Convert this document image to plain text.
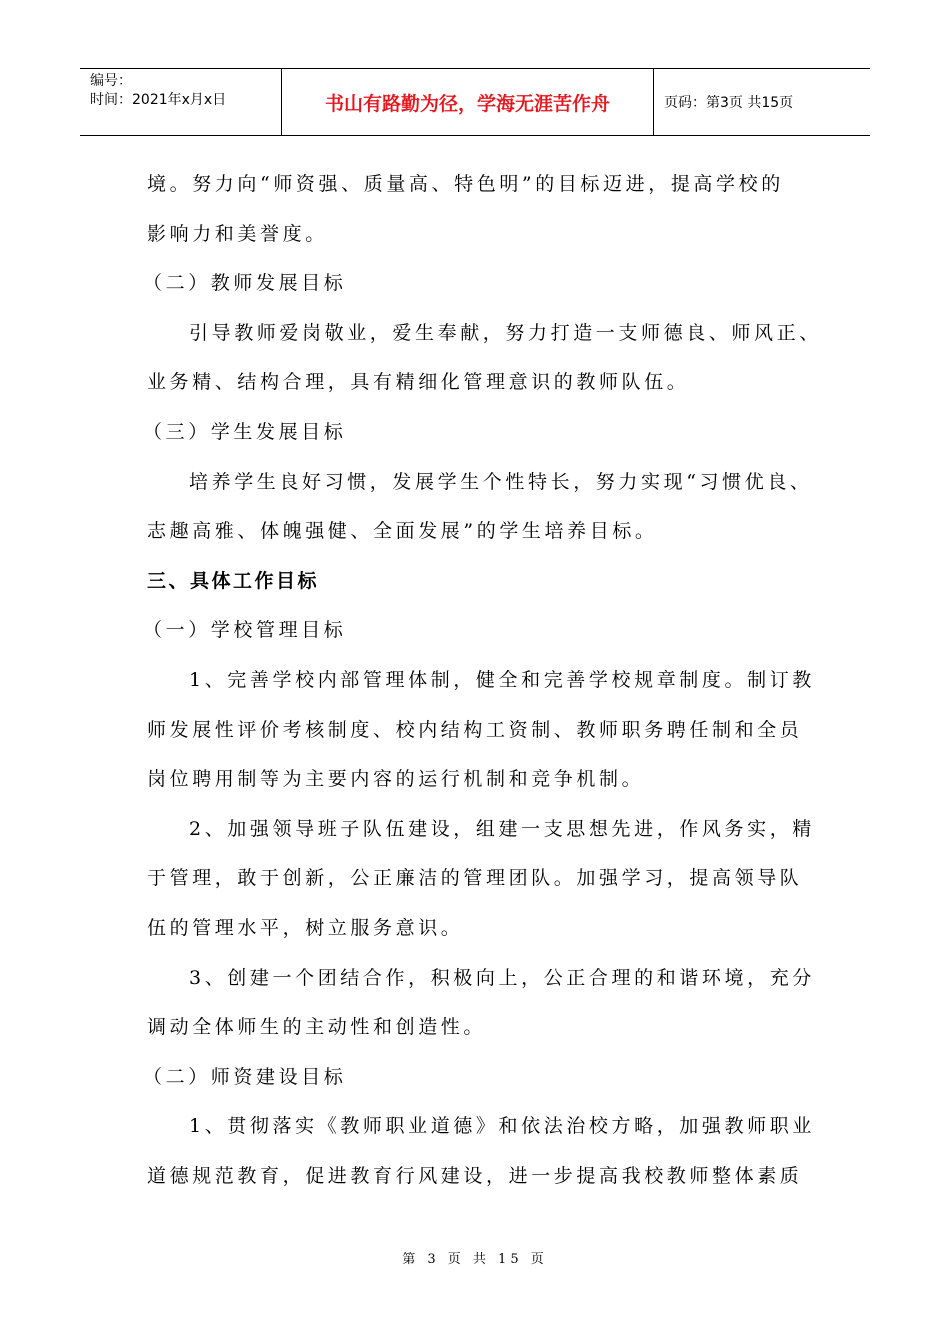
编号：
时间：2021年x月x日	书山有路勤为径，学海无涯苦作舟	页码：第3页 共15页

境。努力向“师资强、质量高、特色明”的目标迈进，提高学校的

影响力和美誉度。

（二）教师发展目标

引导教师爱岗敬业，爱生奉献，努力打造一支师德良、师风正、

业务精、结构合理，具有精细化管理意识的教师队伍。

（三）学生发展目标

培养学生良好习惯，发展学生个性特长，努力实现“习惯优良、

志趣高雅、体魄强健、全面发展”的学生培养目标。

三、具体工作目标

（一）学校管理目标

1、完善学校内部管理体制，健全和完善学校规章制度。制订教

师发展性评价考核制度、校内结构工资制、教师职务聘任制和全员

岗位聘用制等为主要内容的运行机制和竞争机制。

2、加强领导班子队伍建设，组建一支思想先进，作风务实，精

于管理，敢于创新，公正廉洁的管理团队。加强学习，提高领导队

伍的管理水平，树立服务意识。

3、创建一个团结合作，积极向上，公正合理的和谐环境，充分

调动全体师生的主动性和创造性。

（二）师资建设目标

1、贯彻落实《教师职业道德》和依法治校方略，加强教师职业

道德规范教育，促进教育行风建设，进一步提高我校教师整体素质

第 3 页 共 15 页
